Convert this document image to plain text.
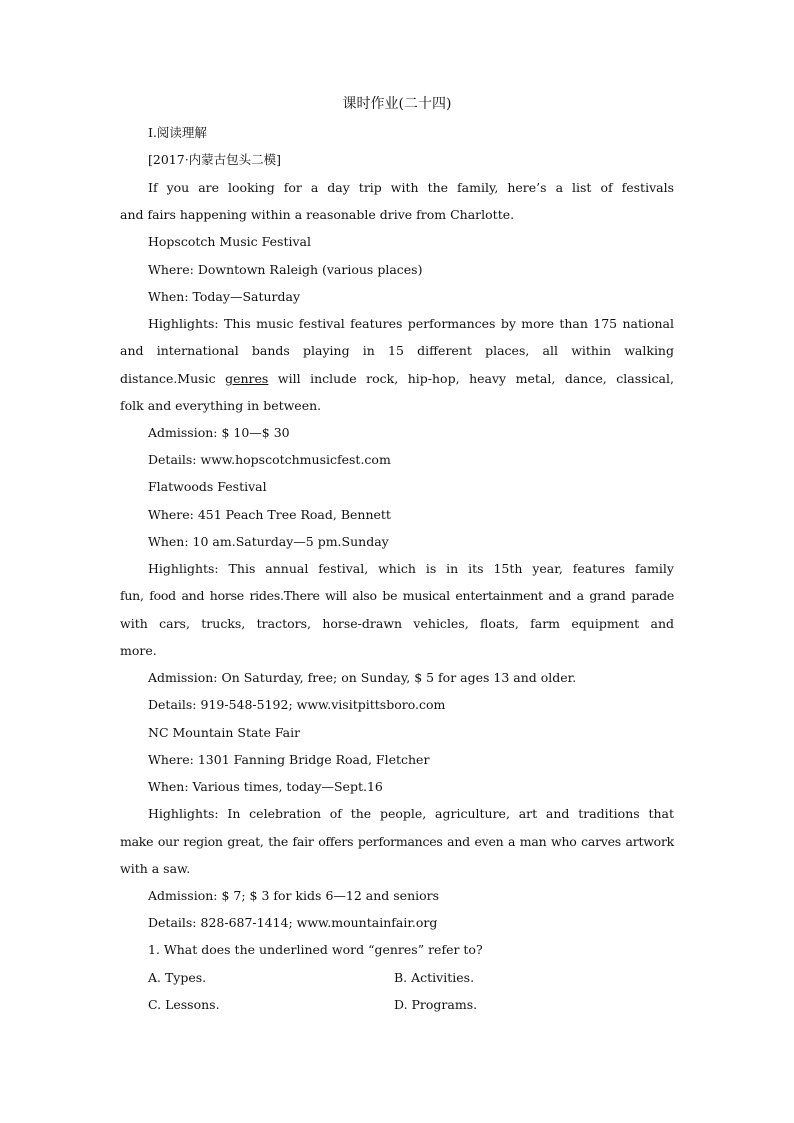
课时作业(二十四)
Ⅰ.阅读理解
[2017·内蒙古包头二模]
If you are looking for a day trip with the family, here’s a list of festivals
and fairs happening within a reasonable drive from Charlotte.
Hopscotch Music Festival
Where: Downtown Raleigh (various places)
When: Today—Saturday
Highlights: This music festival features performances by more than 175 national
and international bands playing in 15 different places, all within walking
distance.Music genres will include rock, hip-hop, heavy metal, dance, classical,
folk and everything in between.
Admission: $ 10—$ 30
Details: www.hopscotchmusicfest.com
Flatwoods Festival
Where: 451 Peach Tree Road, Bennett
When: 10 am.Saturday—5 pm.Sunday
Highlights: This annual festival, which is in its 15th year, features family
fun, food and horse rides.There will also be musical entertainment and a grand parade
with cars, trucks, tractors, horse-drawn vehicles, floats, farm equipment and
more.
Admission: On Saturday, free; on Sunday, $ 5 for ages 13 and older.
Details: 919-548-5192; www.visitpittsboro.com
NC Mountain State Fair
Where: 1301 Fanning Bridge Road, Fletcher
When: Various times, today—Sept.16
Highlights: In celebration of the people, agriculture, art and traditions that
make our region great, the fair offers performances and even a man who carves artwork
with a saw.
Admission: $ 7; $ 3 for kids 6—12 and seniors
Details: 828-687-1414; www.mountainfair.org
1. What does the underlined word “genres” refer to?
A. Types.	B. Activities.
C. Lessons.	D. Programs.
